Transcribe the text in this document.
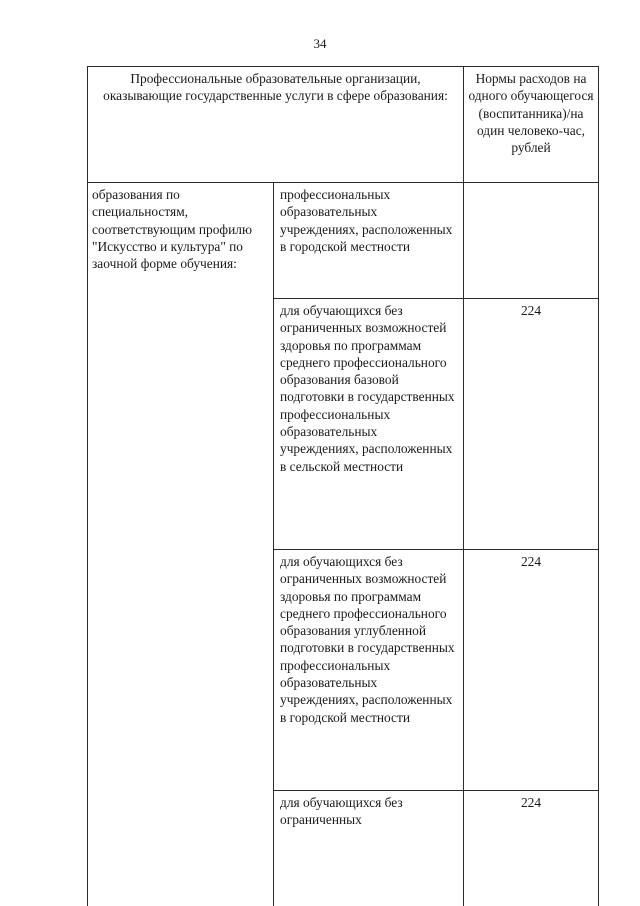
34
Профессиональные образовательные организации, оказывающие государственные услуги в сфере образования:		Нормы расходов на одного обучающегося (воспитанника)/на один человеко-час, рублей

образования по специальностям, соответствующим профилю "Искусство и культура" по заочной форме обучения:	профессиональных образовательных учреждениях, расположенных в городской местности	

	для обучающихся без ограниченных возможностей здоровья по программам среднего профессионального образования базовой подготовки в государственных профессиональных образовательных учреждениях, расположенных в сельской местности	224

	для обучающихся без ограниченных возможностей здоровья по программам среднего профессионального образования углубленной подготовки в государственных профессиональных образовательных учреждениях, расположенных в городской местности	224

	для обучающихся без ограниченных	224
